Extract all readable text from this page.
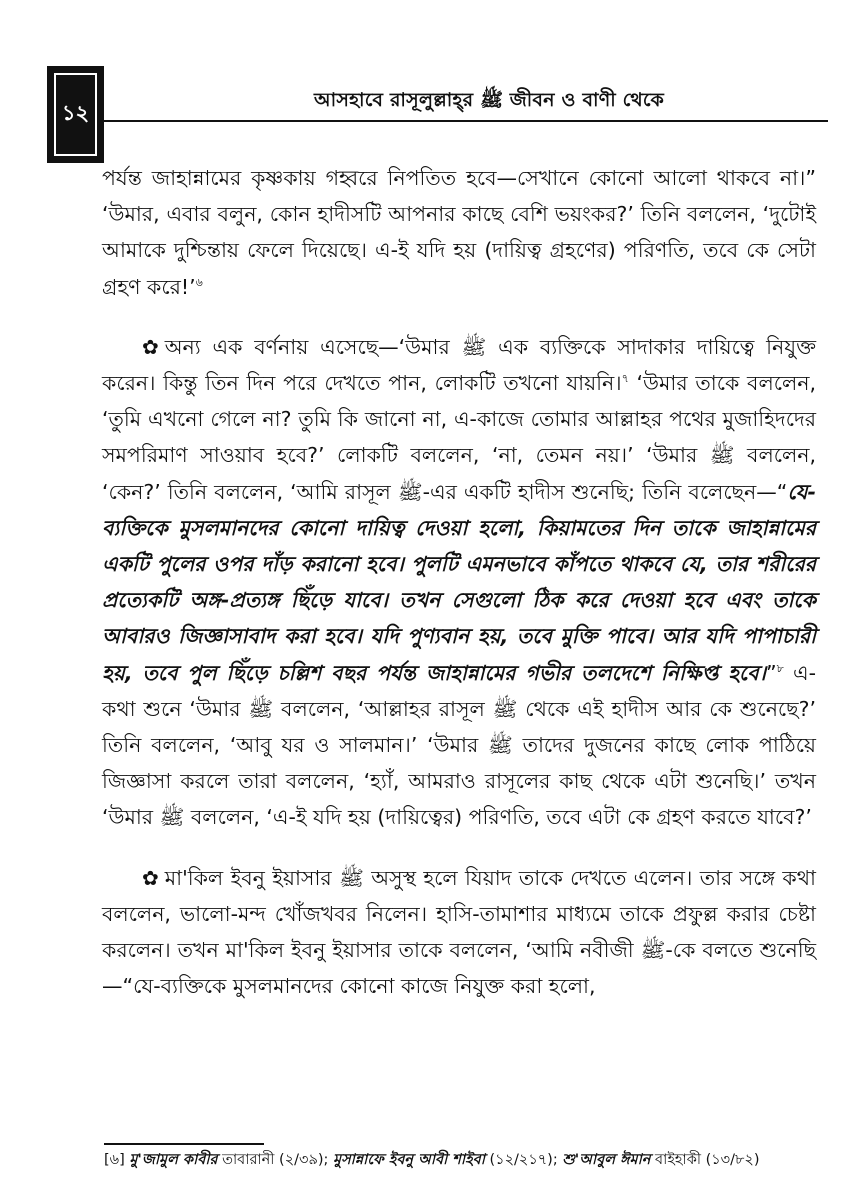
১২
আসহাবে রাসূলুল্লাহ্‌র ﷺ জীবন ও বাণী থেকে

পর্যন্ত জাহান্নামের কৃষ্ণকায় গহ্বরে নিপতিত হবে—সেখানে কোনো আলো থাকবে না।” ‘উমার, এবার বলুন, কোন হাদীসটি আপনার কাছে বেশি ভয়ংকর?’ তিনি বললেন, ‘দুটোই আমাকে দুশ্চিন্তায় ফেলে দিয়েছে। এ-ই যদি হয় (দায়িত্ব গ্রহণের) পরিণতি, তবে কে সেটা গ্রহণ করে!’$^৬$

✿ অন্য এক বর্ণনায় এসেছে—‘উমার ﷺ এক ব্যক্তিকে সাদাকার দায়িত্বে নিযুক্ত করেন। কিন্তু তিন দিন পরে দেখতে পান, লোকটি তখনো যায়নি।$^৭$ ‘উমার তাকে বললেন, ‘তুমি এখনো গেলে না? তুমি কি জানো না, এ-কাজে তোমার আল্লাহর পথের মুজাহিদদের সমপরিমাণ সাওয়াব হবে?’ লোকটি বললেন, ‘না, তেমন নয়।’ ‘উমার ﷺ বললেন, ‘কেন?’ তিনি বললেন, ‘আমি রাসূল ﷺ-এর একটি হাদীস শুনেছি; তিনি বলেছেন—“যে-ব্যক্তিকে মুসলমানদের কোনো দায়িত্ব দেওয়া হলো, কিয়ামতের দিন তাকে জাহান্নামের একটি পুলের ওপর দাঁড় করানো হবে। পুলটি এমনভাবে কাঁপতে থাকবে যে, তার শরীরের প্রত্যেকটি অঙ্গ-প্রত্যঙ্গ ছিঁড়ে যাবে। তখন সেগুলো ঠিক করে দেওয়া হবে এবং তাকে আবারও জিজ্ঞাসাবাদ করা হবে। যদি পুণ্যবান হয়, তবে মুক্তি পাবে। আর যদি পাপাচারী হয়, তবে পুল ছিঁড়ে চল্লিশ বছর পর্যন্ত জাহান্নামের গভীর তলদেশে নিক্ষিপ্ত হবে।”$^৮$ এ-কথা শুনে ‘উমার ﷺ বললেন, ‘আল্লাহর রাসূল ﷺ থেকে এই হাদীস আর কে শুনেছে?’ তিনি বললেন, ‘আবু যর ও সালমান।’ ‘উমার ﷺ তাদের দুজনের কাছে লোক পাঠিয়ে জিজ্ঞাসা করলে তারা বললেন, ‘হ্যাঁ, আমরাও রাসূলের কাছ থেকে এটা শুনেছি।’ তখন ‘উমার ﷺ বললেন, ‘এ-ই যদি হয় (দায়িত্বের) পরিণতি, তবে এটা কে গ্রহণ করতে যাবে?’

✿ মা'কিল ইবনু ইয়াসার ﷺ অসুস্থ হলে যিয়াদ তাকে দেখতে এলেন। তার সঙ্গে কথা বললেন, ভালো-মন্দ খোঁজখবর নিলেন। হাসি-তামাশার মাধ্যমে তাকে প্রফুল্ল করার চেষ্টা করলেন। তখন মা'কিল ইবনু ইয়াসার তাকে বললেন, ‘আমি নবীজী ﷺ-কে বলতে শুনেছি—“যে-ব্যক্তিকে মুসলমানদের কোনো কাজে নিযুক্ত করা হলো,

[৬] মু'জামুল কাবীর তাবারানী (২/৩৯); মুসান্নাফে ইবনু আবী শাইবা (১২/২১৭); শু'আবুল ঈমান বাইহাকী (১৩/৮২)
